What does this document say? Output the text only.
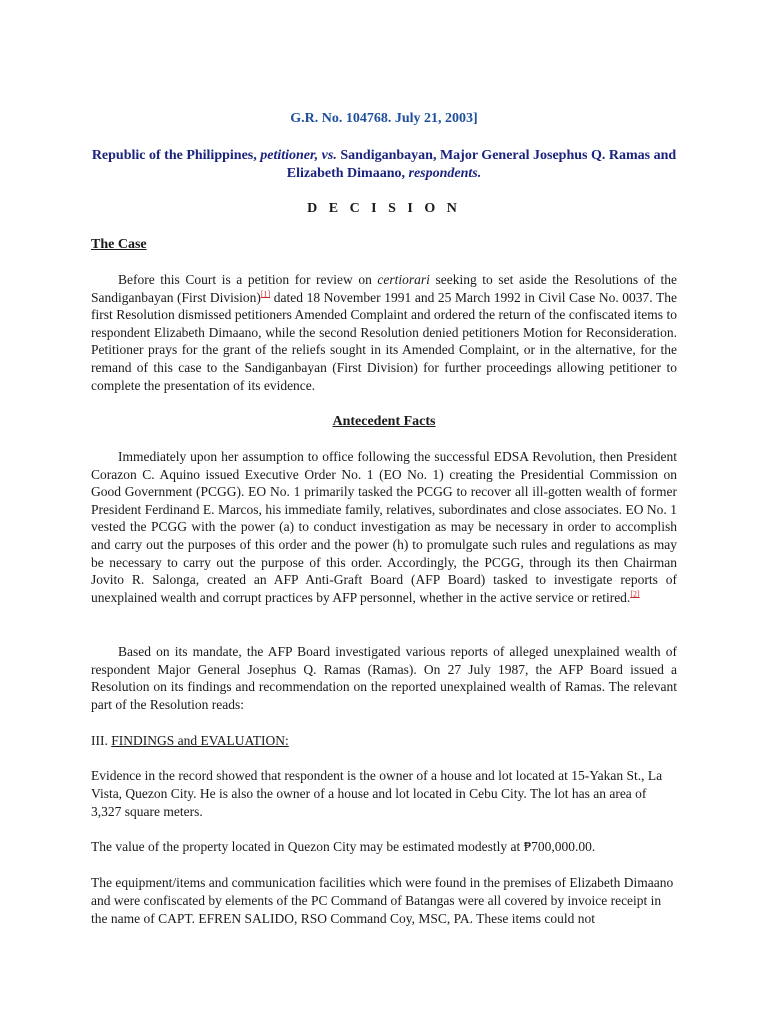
G.R. No. 104768. July 21, 2003]
Republic of the Philippines, petitioner, vs. Sandiganbayan, Major General Josephus Q. Ramas and
Elizabeth Dimaano, respondents.
D E C I S I O N
The Case
Before this Court is a petition for review on certiorari seeking to set aside the Resolutions of the Sandiganbayan (First Division)[1] dated 18 November 1991 and 25 March 1992 in Civil Case No. 0037. The first Resolution dismissed petitioners Amended Complaint and ordered the return of the confiscated items to respondent Elizabeth Dimaano, while the second Resolution denied petitioners Motion for Reconsideration. Petitioner prays for the grant of the reliefs sought in its Amended Complaint, or in the alternative, for the remand of this case to the Sandiganbayan (First Division) for further proceedings allowing petitioner to complete the presentation of its evidence.
Antecedent Facts
Immediately upon her assumption to office following the successful EDSA Revolution, then President Corazon C. Aquino issued Executive Order No. 1 (EO No. 1) creating the Presidential Commission on Good Government (PCGG). EO No. 1 primarily tasked the PCGG to recover all ill-gotten wealth of former President Ferdinand E. Marcos, his immediate family, relatives, subordinates and close associates. EO No. 1 vested the PCGG with the power (a) to conduct investigation as may be necessary in order to accomplish and carry out the purposes of this order and the power (h) to promulgate such rules and regulations as may be necessary to carry out the purpose of this order. Accordingly, the PCGG, through its then Chairman Jovito R. Salonga, created an AFP Anti-Graft Board (AFP Board) tasked to investigate reports of unexplained wealth and corrupt practices by AFP personnel, whether in the active service or retired.[2]
Based on its mandate, the AFP Board investigated various reports of alleged unexplained wealth of respondent Major General Josephus Q. Ramas (Ramas). On 27 July 1987, the AFP Board issued a Resolution on its findings and recommendation on the reported unexplained wealth of Ramas. The relevant part of the Resolution reads:
III. FINDINGS and EVALUATION:
Evidence in the record showed that respondent is the owner of a house and lot located at 15-Yakan St., La Vista, Quezon City. He is also the owner of a house and lot located in Cebu City. The lot has an area of 3,327 square meters.
The value of the property located in Quezon City may be estimated modestly at ₱700,000.00.
The equipment/items and communication facilities which were found in the premises of Elizabeth Dimaano and were confiscated by elements of the PC Command of Batangas were all covered by invoice receipt in the name of CAPT. EFREN SALIDO, RSO Command Coy, MSC, PA. These items could not
